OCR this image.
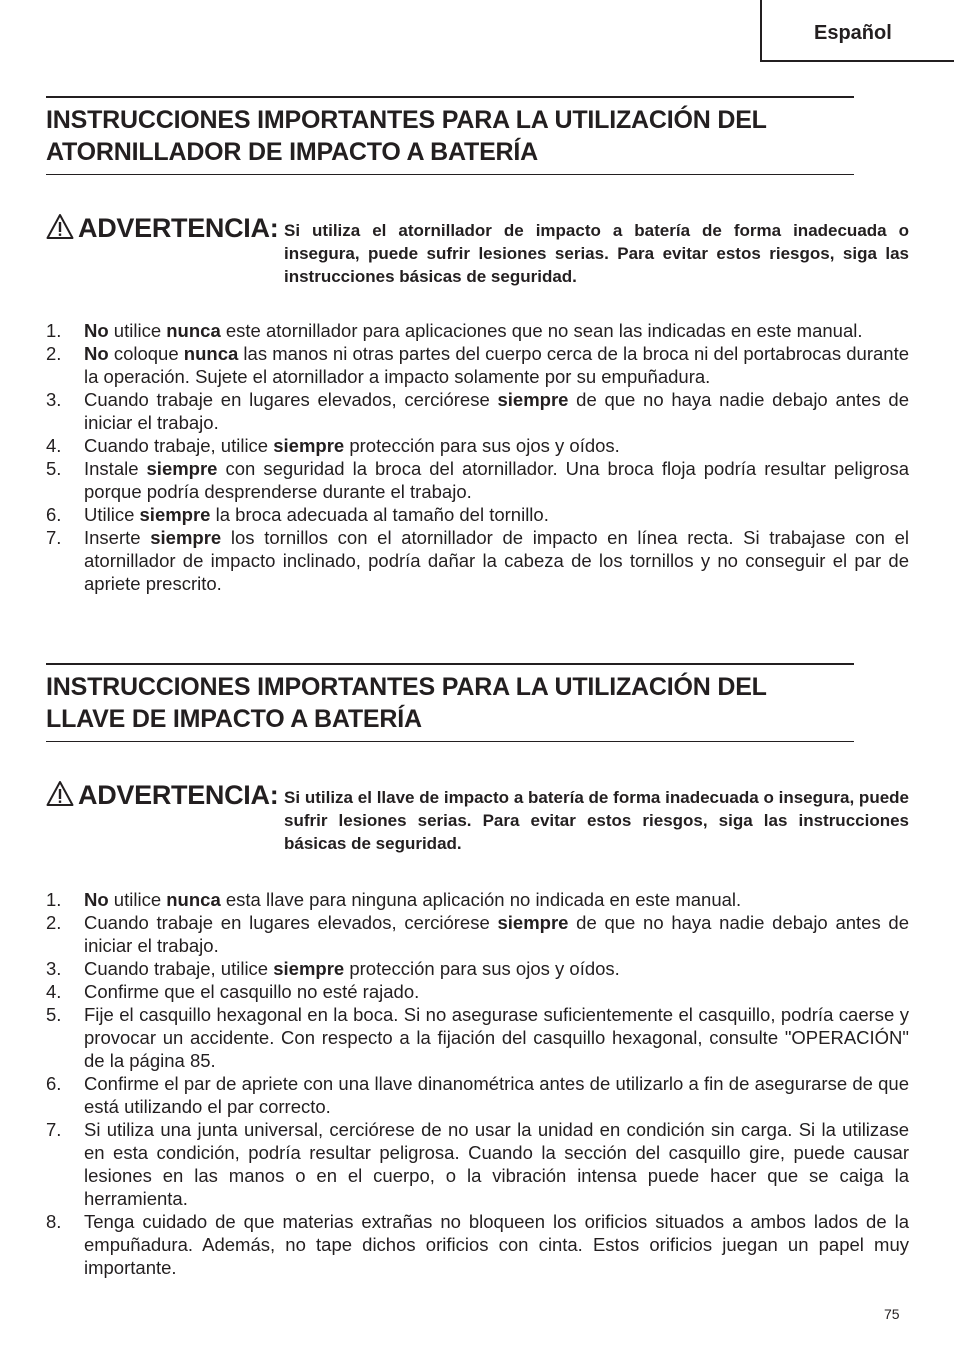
Español
INSTRUCCIONES IMPORTANTES PARA LA UTILIZACIÓN DEL
ATORNILLADOR DE IMPACTO A BATERÍA
ADVERTENCIA: Si utiliza el atornillador de impacto a batería de forma inadecuada o insegura, puede sufrir lesiones serias. Para evitar estos riesgos, siga las instrucciones básicas de seguridad.
1. No utilice nunca este atornillador para aplicaciones que no sean las indicadas en este manual.
2. No coloque nunca las manos ni otras partes del cuerpo cerca de la broca ni del portabrocas durante la operación. Sujete el atornillador a impacto solamente por su empuñadura.
3. Cuando trabaje en lugares elevados, cerciórese siempre de que no haya nadie debajo antes de iniciar el trabajo.
4. Cuando trabaje, utilice siempre protección para sus ojos y oídos.
5. Instale siempre con seguridad la broca del atornillador. Una broca floja podría resultar peligrosa porque podría desprenderse durante el trabajo.
6. Utilice siempre la broca adecuada al tamaño del tornillo.
7. Inserte siempre los tornillos con el atornillador de impacto en línea recta. Si trabajase con el atornillador de impacto inclinado, podría dañar la cabeza de los tornillos y no conseguir el par de apriete prescrito.
INSTRUCCIONES IMPORTANTES PARA LA UTILIZACIÓN DEL
LLAVE DE IMPACTO A BATERÍA
ADVERTENCIA: Si utiliza el llave de impacto a batería de forma inadecuada o insegura, puede sufrir lesiones serias. Para evitar estos riesgos, siga las instrucciones básicas de seguridad.
1. No utilice nunca esta llave para ninguna aplicación no indicada en este manual.
2. Cuando trabaje en lugares elevados, cerciórese siempre de que no haya nadie debajo antes de iniciar el trabajo.
3. Cuando trabaje, utilice siempre protección para sus ojos y oídos.
4. Confirme que el casquillo no esté rajado.
5. Fije el casquillo hexagonal en la boca. Si no asegurase suficientemente el casquillo, podría caerse y provocar un accidente. Con respecto a la fijación del casquillo hexagonal, consulte "OPERACIÓN" de la página 85.
6. Confirme el par de apriete con una llave dinanométrica antes de utilizarlo a fin de asegurarse de que está utilizando el par correcto.
7. Si utiliza una junta universal, cerciórese de no usar la unidad en condición sin carga. Si la utilizase en esta condición, podría resultar peligrosa. Cuando la sección del casquillo gire, puede causar lesiones en las manos o en el cuerpo, o la vibración intensa puede hacer que se caiga la herramienta.
8. Tenga cuidado de que materias extrañas no bloqueen los orificios situados a ambos lados de la empuñadura. Además, no tape dichos orificios con cinta. Estos orificios juegan un papel muy importante.
75
